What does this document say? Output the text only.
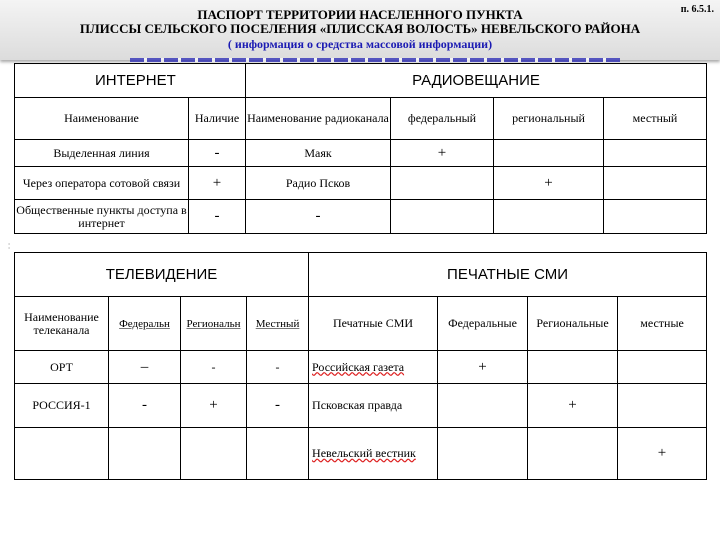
ПАСПОРТ ТЕРРИТОРИИ НАСЕЛЕННОГО ПУНКТА
ПЛИССЫ СЕЛЬСКОГО ПОСЕЛЕНИЯ «ПЛИССКАЯ ВОЛОСТЬ» НЕВЕЛЬСКОГО РАЙОНА
( информация о средства массовой информации)
п. 6.5.1.
ИНТЕРНЕТ		РАДИОВЕЩАНИЕ			
Наименование	Наличие	Наименование радиоканала	федеральный	региональный	местный
Выделенная линия	-	Маяк	+		
Через оператора сотовой связи	+	Радио Псков		+	
Общественные пункты доступа в интернет	-	-			
ⵂ
ТЕЛЕВИДЕНИЕ				ПЕЧАТНЫЕ СМИ			
Наименование телеканала	Федеральн	Региональн	Местный	Печатные СМИ	Федеральные	Региональные	местные
ОРТ	–	-	-	Российская газета	+		
РОССИЯ-1	-	+	-	Псковская правда		+	
				Невельский вестник			+
